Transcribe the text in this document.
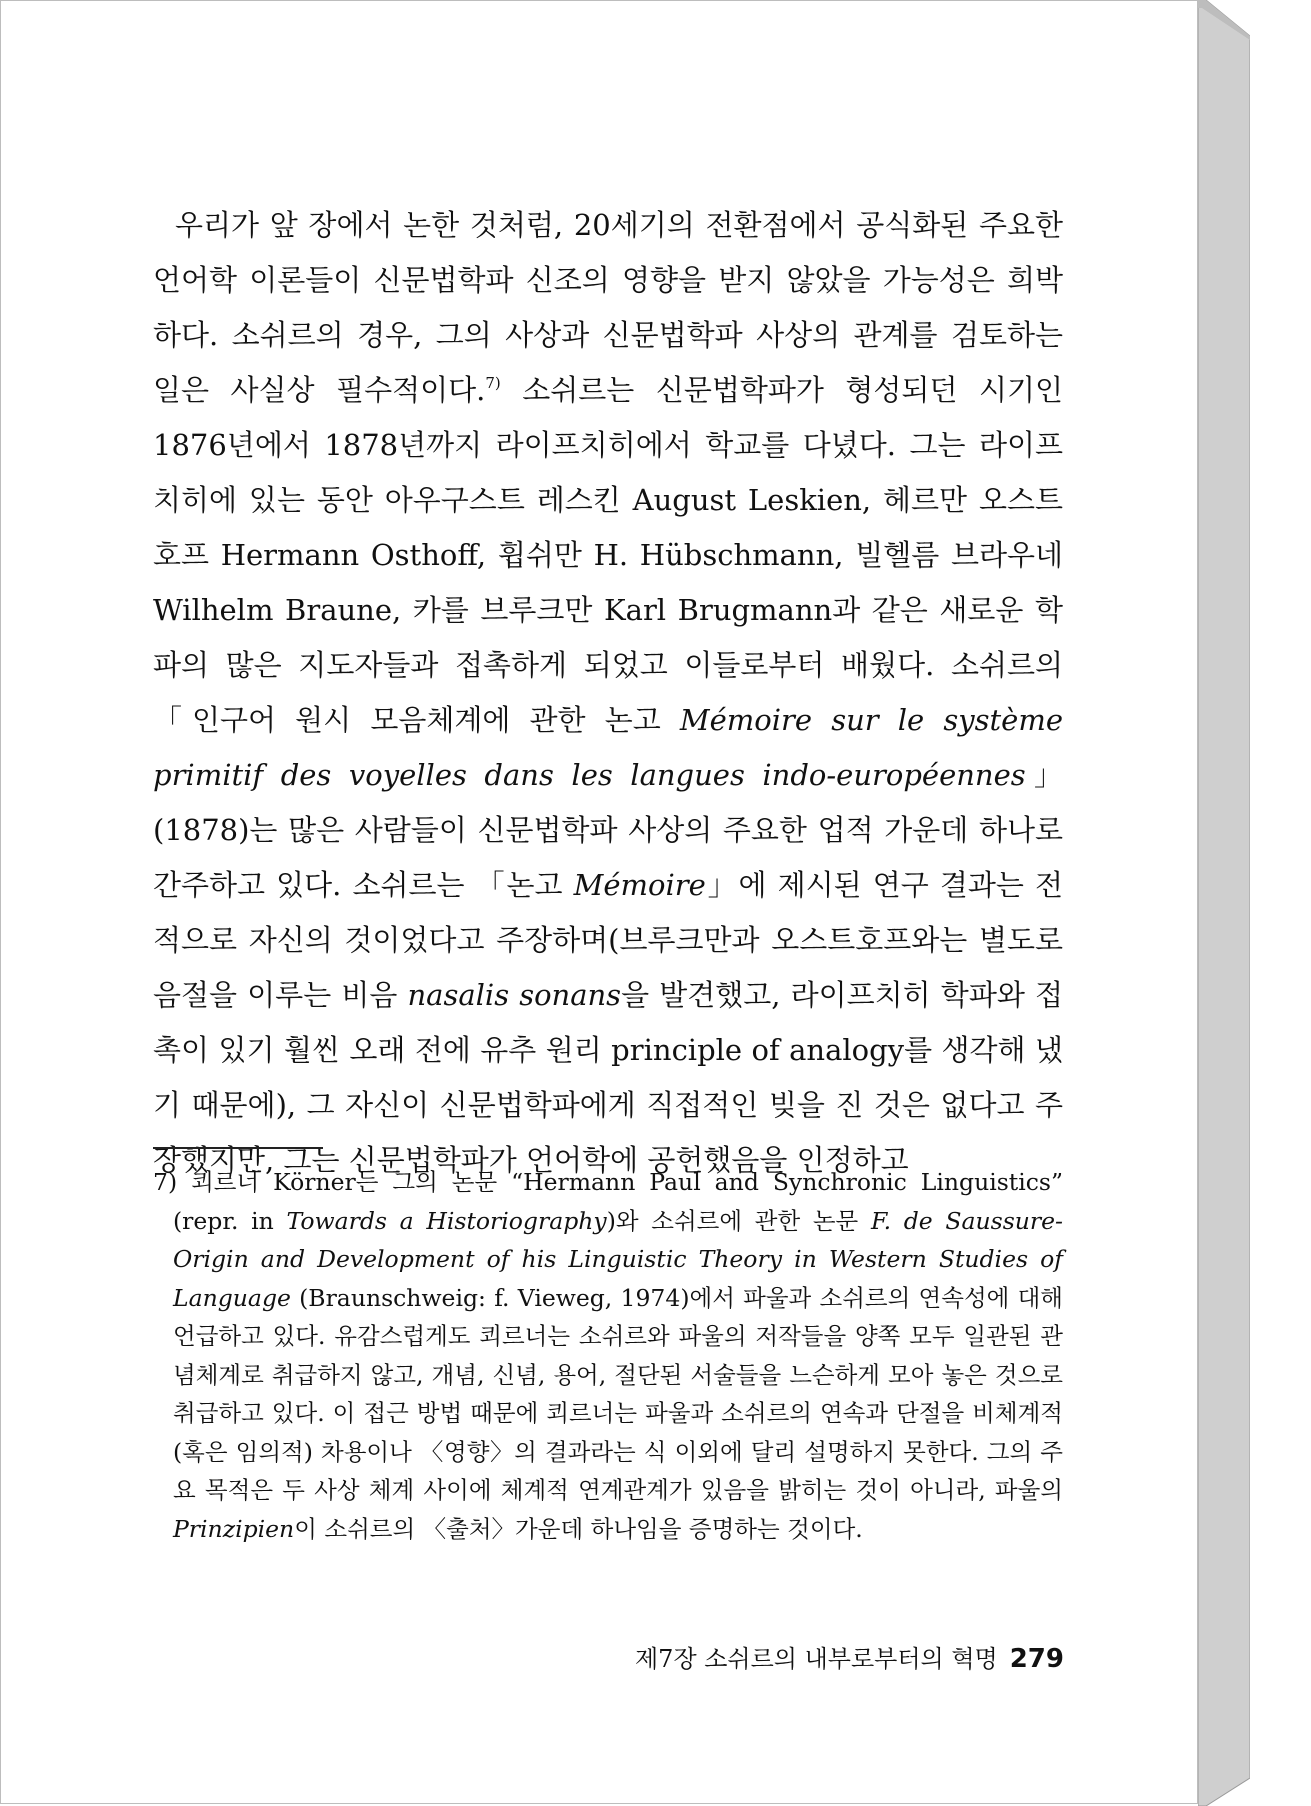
우리가 앞 장에서 논한 것처럼, 20세기의 전환점에서 공식화된 주요한 언어학 이론들이 신문법학파 신조의 영향을 받지 않았을 가능성은 희박하다. 소쉬르의 경우, 그의 사상과 신문법학파 사상의 관계를 검토하는 일은 사실상 필수적이다.$^{7)}$ 소쉬르는 신문법학파가 형성되던 시기인 1876년에서 1878년까지 라이프치히에서 학교를 다녔다. 그는 라이프치히에 있는 동안 아우구스트 레스킨 August Leskien, 헤르만 오스트호프 Hermann Osthoff, 휩쉬만 H. Hübschmann, 빌헬름 브라우네 Wilhelm Braune, 카를 브루크만 Karl Brugmann과 같은 새로운 학파의 많은 지도자들과 접촉하게 되었고 이들로부터 배웠다. 소쉬르의 「인구어 원시 모음체계에 관한 논고 Mémoire sur le système primitif des voyelles dans les langues indo-européennes」(1878)는 많은 사람들이 신문법학파 사상의 주요한 업적 가운데 하나로 간주하고 있다. 소쉬르는 「논고 Mémoire」에 제시된 연구 결과는 전적으로 자신의 것이었다고 주장하며(브루크만과 오스트호프와는 별도로 음절을 이루는 비음 nasalis sonans을 발견했고, 라이프치히 학파와 접촉이 있기 훨씬 오래 전에 유추 원리 principle of analogy를 생각해 냈기 때문에), 그 자신이 신문법학파에게 직접적인 빚을 진 것은 없다고 주장했지만, 그는 신문법학파가 언어학에 공헌했음을 인정하고

7) 쾨르너 Körner는 그의 논문 “Hermann Paul and Synchronic Linguistics” (repr. in Towards a Historiography)와 소쉬르에 관한 논문 F. de Saussure-Origin and Development of his Linguistic Theory in Western Studies of Language (Braunschweig: f. Vieweg, 1974)에서 파울과 소쉬르의 연속성에 대해 언급하고 있다. 유감스럽게도 쾨르너는 소쉬르와 파울의 저작들을 양쪽 모두 일관된 관념체계로 취급하지 않고, 개념, 신념, 용어, 절단된 서술들을 느슨하게 모아 놓은 것으로 취급하고 있다. 이 접근 방법 때문에 쾨르너는 파울과 소쉬르의 연속과 단절을 비체계적(혹은 임의적) 차용이나 〈영향〉의 결과라는 식 이외에 달리 설명하지 못한다. 그의 주요 목적은 두 사상 체계 사이에 체계적 연계관계가 있음을 밝히는 것이 아니라, 파울의 Prinzipien이 소쉬르의 〈출처〉가운데 하나임을 증명하는 것이다.

제7장 소쉬르의 내부로부터의 혁명 279
